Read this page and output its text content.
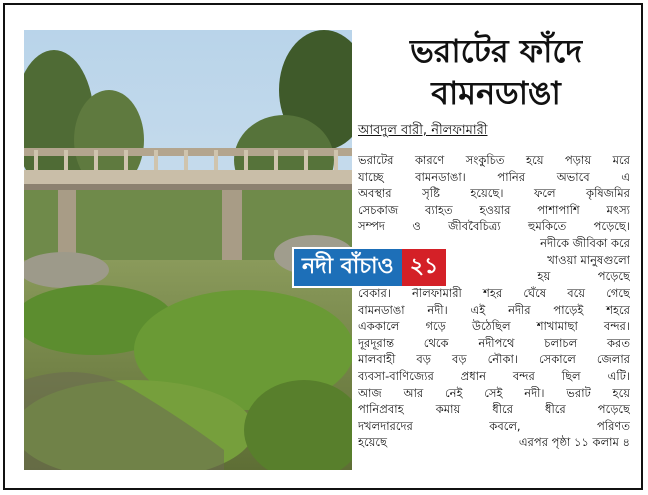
ভরাটের ফাঁদে
বামনডাঙা
আবদুল বারী, নীলফামারী
ভরাটের কারণে সংকুচিত হয়ে পড়ায় মরে
যাচ্ছে বামনডাঙা। পানির অভাবে এ
অবস্থার সৃষ্টি হয়েছে। ফলে কৃষিজমির
সেচকাজ ব্যাহত হওয়ার পাশাপাশি মৎস্য
সম্পদ ও জীববৈচিত্র্য হুমকিতে পড়েছে।
নদীকে জীবিকা করে
খাওয়া মানুষগুলো
হয়             পড়েছে
বেকার। নীলফামারী শহর ঘেঁষে বয়ে গেছে
বামনডাঙা নদী। এই নদীর পাড়েই শহরে
এককালে গড়ে উঠেছিল শাখামাছা বন্দর।
দূরদূরান্ত থেকে নদীপথে চলাচল করত
মালবাহী বড় বড় নৌকা। সেকালে জেলার
ব্যবসা-বাণিজ্যের প্রধান বন্দর ছিল এটি।
আজ আর নেই সেই নদী। ভরাট হয়ে
পানিপ্রবাহ কমায় ধীরে ধীরে পড়েছে
দখলদারদের কবলে, পরিণত
হয়েছে	এরপর পৃষ্ঠা ১১ কলাম ৪
নদী বাঁচাও ২১
